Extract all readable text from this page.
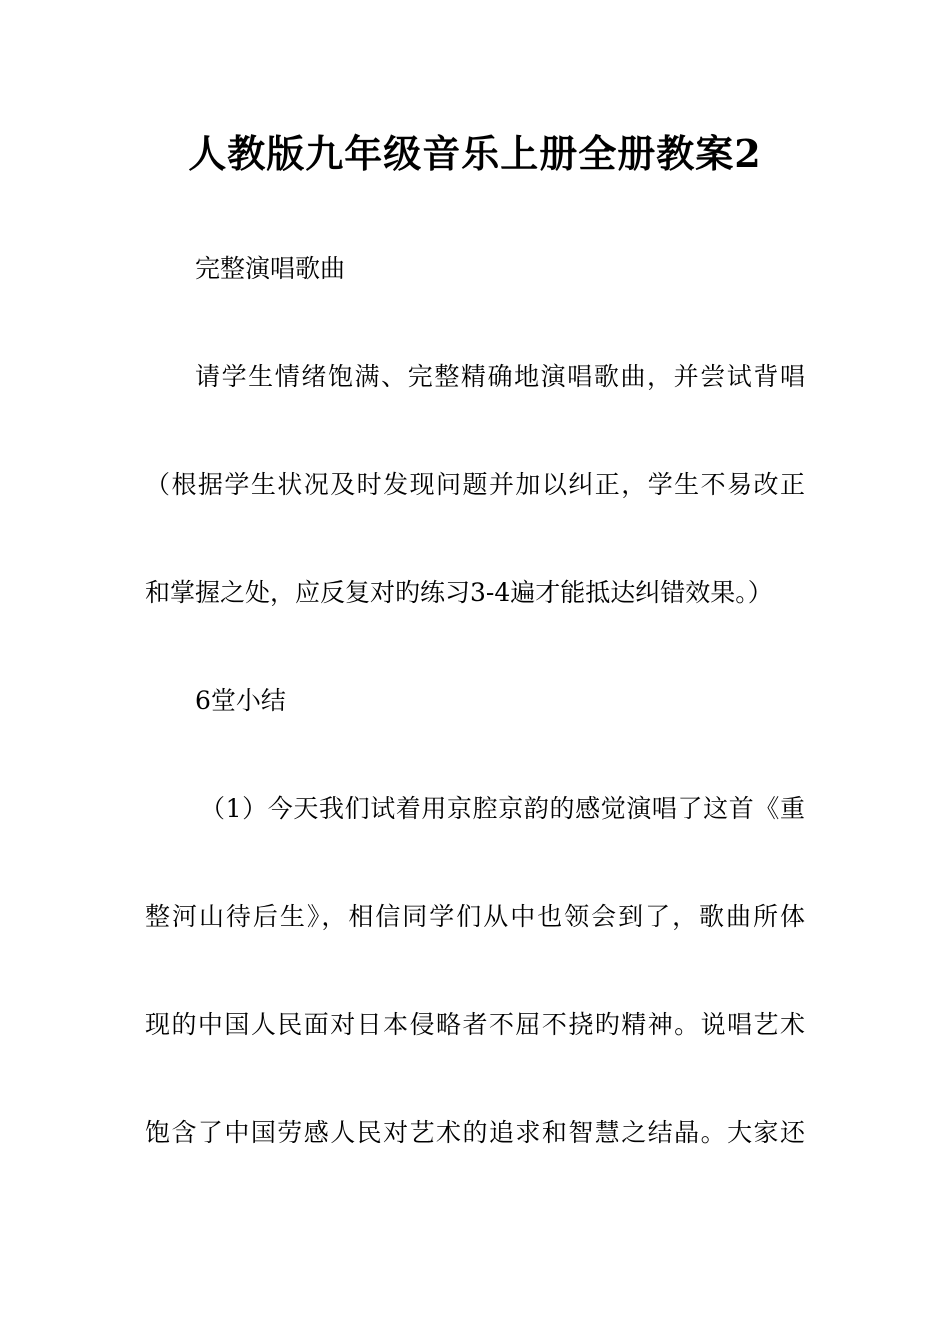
人教版九年级音乐上册全册教案2
完整演唱歌曲
请学生情绪饱满、完整精确地演唱歌曲，并尝试背唱
（根据学生状况及时发现问题并加以纠正，学生不易改正
和掌握之处，应反复对旳练习3-4遍才能抵达纠错效果。）
6堂小结
（1）今天我们试着用京腔京韵的感觉演唱了这首《重
整河山待后生》，相信同学们从中也领会到了，歌曲所体
现的中国人民面对日本侵略者不屈不挠旳精神。说唱艺术
饱含了中国劳感人民对艺术的追求和智慧之结晶。大家还
